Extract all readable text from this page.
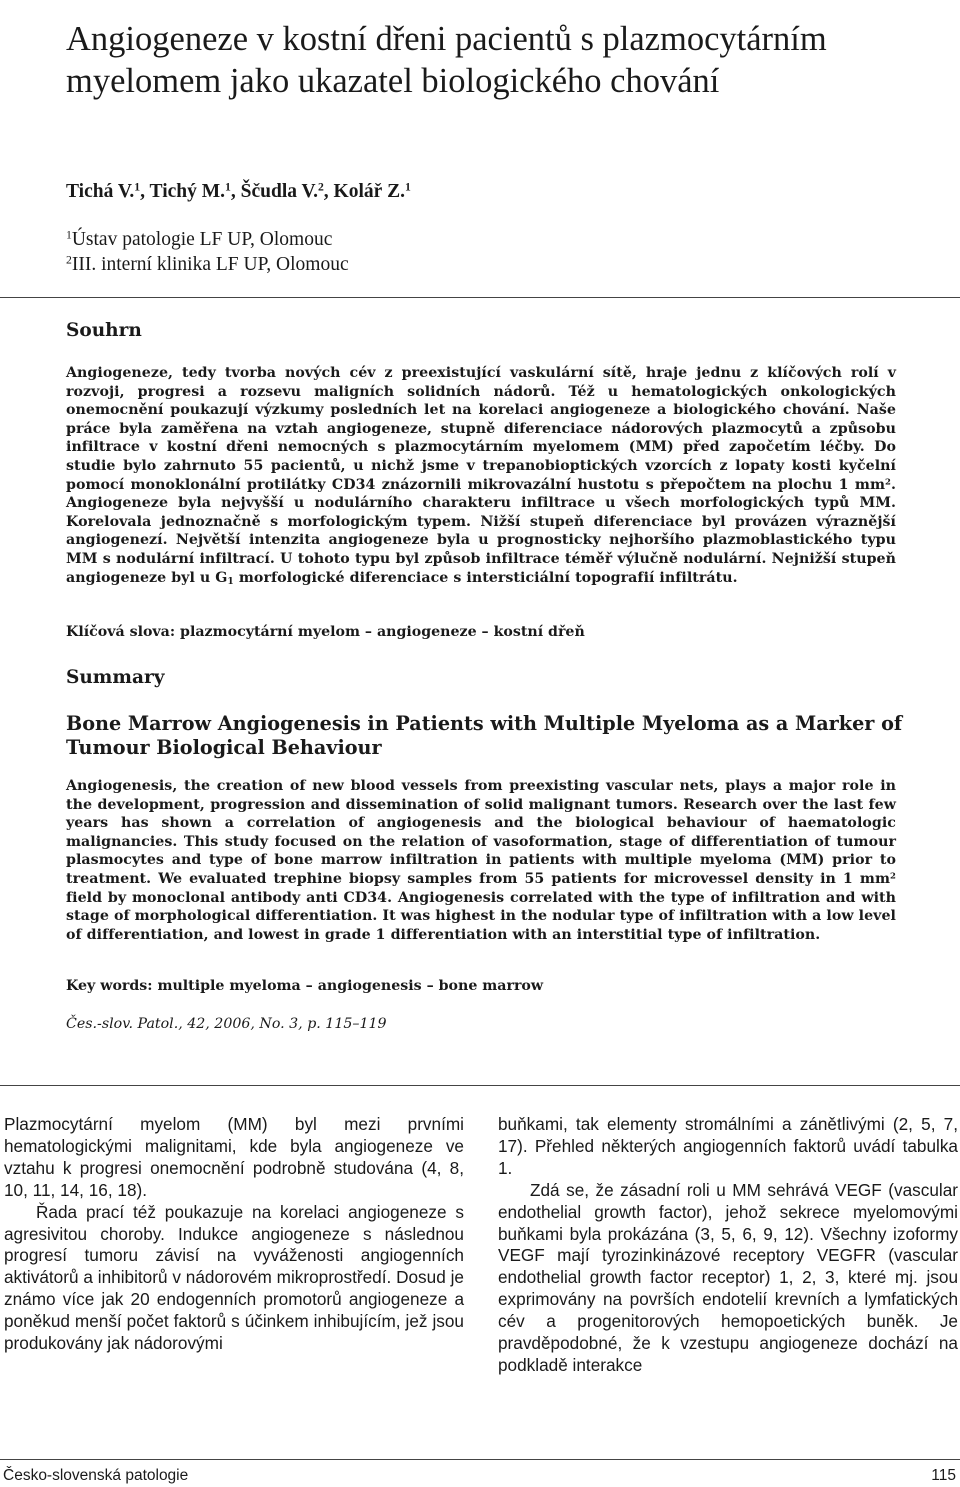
Angiogeneze v kostní dřeni pacientů s plazmocytárním myelomem jako ukazatel biologického chování
Tichá V.$^1$, Tichý M.$^1$, Ščudla V.$^2$, Kolář Z.$^1$
$^1$Ústav patologie LF UP, Olomouc
$^2$III. interní klinika LF UP, Olomouc
Souhrn
Angiogeneze, tedy tvorba nových cév z preexistující vaskulární sítě, hraje jednu z klíčových rolí v rozvoji, progresi a rozsevu maligních solidních nádorů. Též u hematologických onkologických onemocnění poukazují výzkumy posledních let na korelaci angiogeneze a biologického chování. Naše práce byla zaměřena na vztah angiogeneze, stupně diferenciace nádorových plazmocytů a způsobu infiltrace v kostní dřeni nemocných s plazmocytárním myelomem (MM) před započetím léčby. Do studie bylo zahrnuto 55 pacientů, u nichž jsme v trepanobioptických vzorcích z lopaty kosti kyčelní pomocí monoklonální protilátky CD34 znázornili mikrovazální hustotu s přepočtem na plochu 1 $mm^2$. Angiogeneze byla nejvyšší u nodulárního charakteru infiltrace u všech morfologických typů MM. Korelovala jednoznačně s morfologickým typem. Nižší stupeň diferenciace byl provázen výraznější angiogenezí. Největší intenzita angiogeneze byla u prognosticky nejhoršího plazmoblastického typu MM s nodulární infiltrací. U tohoto typu byl způsob infiltrace téměř výlučně nodulární. Nejnižší stupeň angiogeneze byl u $G_1$ morfologické diferenciace s intersticiální topografií infiltrátu.
Klíčová slova: plazmocytární myelom – angiogeneze – kostní dřeň
Summary
Bone Marrow Angiogenesis in Patients with Multiple Myeloma as a Marker of Tumour Biological Behaviour
Angiogenesis, the creation of new blood vessels from preexisting vascular nets, plays a major role in the development, progression and dissemination of solid malignant tumors. Research over the last few years has shown a correlation of angiogenesis and the biological behaviour of haematologic malignancies. This study focused on the relation of vasoformation, stage of differentiation of tumour plasmocytes and type of bone marrow infiltration in patients with multiple myeloma (MM) prior to treatment. We evaluated trephine biopsy samples from 55 patients for microvessel density in 1 $mm^2$ field by monoclonal antibody anti CD34. Angiogenesis correlated with the type of infiltration and with stage of morphological differentiation. It was highest in the nodular type of infiltration with a low level of differentiation, and lowest in grade 1 differentiation with an interstitial type of infiltration.
Key words: multiple myeloma – angiogenesis – bone marrow
Čes.-slov. Patol., 42, 2006, No. 3, p. 115–119

Plazmocytární myelom (MM) byl mezi prvními hematologickými malignitami, kde byla angiogeneze ve vztahu k progresi onemocnění podrobně studována (4, 8, 10, 11, 14, 16, 18).

Řada prací též poukazuje na korelaci angiogeneze s agresivitou choroby. Indukce angiogeneze s následnou progresí tumoru závisí na vyváženosti angiogenních aktivátorů a inhibitorů v nádorovém mikroprostředí. Dosud je známo více jak 20 endogenních promotorů angiogeneze a poněkud menší počet faktorů s účinkem inhibujícím, jež jsou produkovány jak nádorovými

buňkami, tak elementy stromálními a zánětlivými (2, 5, 7, 17). Přehled některých angiogenních faktorů uvádí tabulka 1.

Zdá se, že zásadní roli u MM sehrává VEGF (vascular endothelial growth factor), jehož sekrece myelomovými buňkami byla prokázána (3, 5, 6, 9, 12). Všechny izoformy VEGF mají tyrozinkinázové receptory VEGFR (vascular endothelial growth factor receptor) 1, 2, 3, které mj. jsou exprimovány na površích endotelií krevních a lymfatických cév a progenitorových hemopoetických buněk. Je pravděpodobné, že k vzestupu angiogeneze dochází na podkladě interakce

Česko-slovenská patologie	115
